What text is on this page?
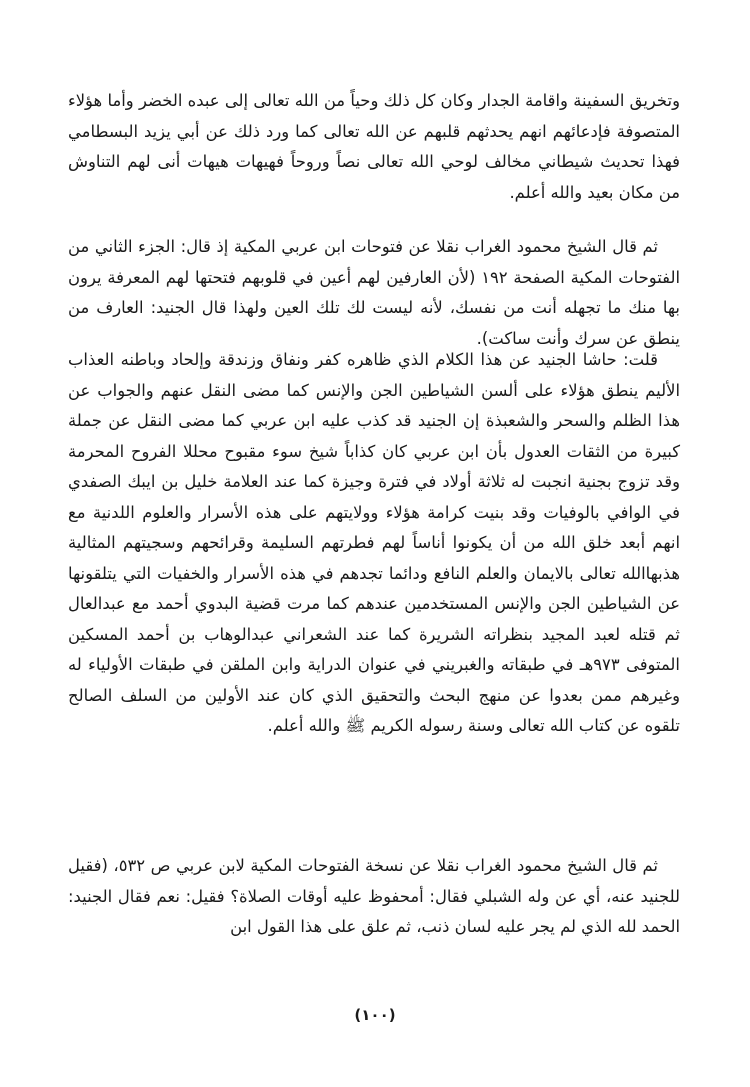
وتخريق السفينة واقامة الجدار وكان كل ذلك وحياً من الله تعالى إلى عبده الخضر وأما هؤلاء المتصوفة فإدعائهم انهم يحدثهم قلبهم عن الله تعالى كما ورد ذلك عن أبي يزيد البسطامي فهذا تحديث شيطاني مخالف لوحي الله تعالى نصاً وروحاً فهيهات هيهات أنى لهم التناوش من مكان بعيد والله أعلم.

ثم قال الشيخ محمود الغراب نقلا عن فتوحات ابن عربي المكية إذ قال: الجزء الثاني من الفتوحات المكية الصفحة ١٩٢ (لأن العارفين لهم أعين في قلوبهم فتحتها لهم المعرفة يرون بها منك ما تجهله أنت من نفسك، لأنه ليست لك تلك العين ولهذا قال الجنيد: العارف من ينطق عن سرك وأنت ساكت).

قلت: حاشا الجنيد عن هذا الكلام الذي ظاهره كفر ونفاق وزندقة وإلحاد وباطنه العذاب الأليم ينطق هؤلاء على ألسن الشياطين الجن والإنس كما مضى النقل عنهم والجواب عن هذا الظلم والسحر والشعبذة إن الجنيد قد كذب عليه ابن عربي كما مضى النقل عن جملة كبيرة من الثقات العدول بأن ابن عربي كان كذاباً شيخ سوء مقبوح محللا الفروح المحرمة وقد تزوج بجنية انجبت له ثلاثة أولاد في فترة وجيزة كما عند العلامة خليل بن ايبك الصفدي في الوافي بالوفيات وقد بنيت كرامة هؤلاء وولايتهم على هذه الأسرار والعلوم اللدنية مع انهم أبعد خلق الله من أن يكونوا أناساً لهم فطرتهم السليمة وقرائحهم وسجيتهم المثالية هذبهاالله تعالى بالايمان والعلم النافع ودائما تجدهم في هذه الأسرار والخفيات التي يتلقونها عن الشياطين الجن والإنس المستخدمين عندهم كما مرت قضية البدوي أحمد مع عبدالعال ثم قتله لعبد المجيد بنظراته الشريرة كما عند الشعراني عبدالوهاب بن أحمد المسكين المتوفى ٩٧٣هـ في طبقاته والغبريني في عنوان الدراية وابن الملقن في طبقات الأولياء له وغيرهم ممن بعدوا عن منهج البحث والتحقيق الذي كان عند الأولين من السلف الصالح تلقوه عن كتاب الله تعالى وسنة رسوله الكريم ﷺ والله أعلم.

ثم قال الشيخ محمود الغراب نقلا عن نسخة الفتوحات المكية لابن عربي ص ٥٣٢، (فقيل للجنيد عنه، أي عن وله الشبلي فقال: أمحفوظ عليه أوقات الصلاة؟ فقيل: نعم فقال الجنيد: الحمد لله الذي لم يجر عليه لسان ذنب، ثم علق على هذا القول ابن

(١٠٠)
